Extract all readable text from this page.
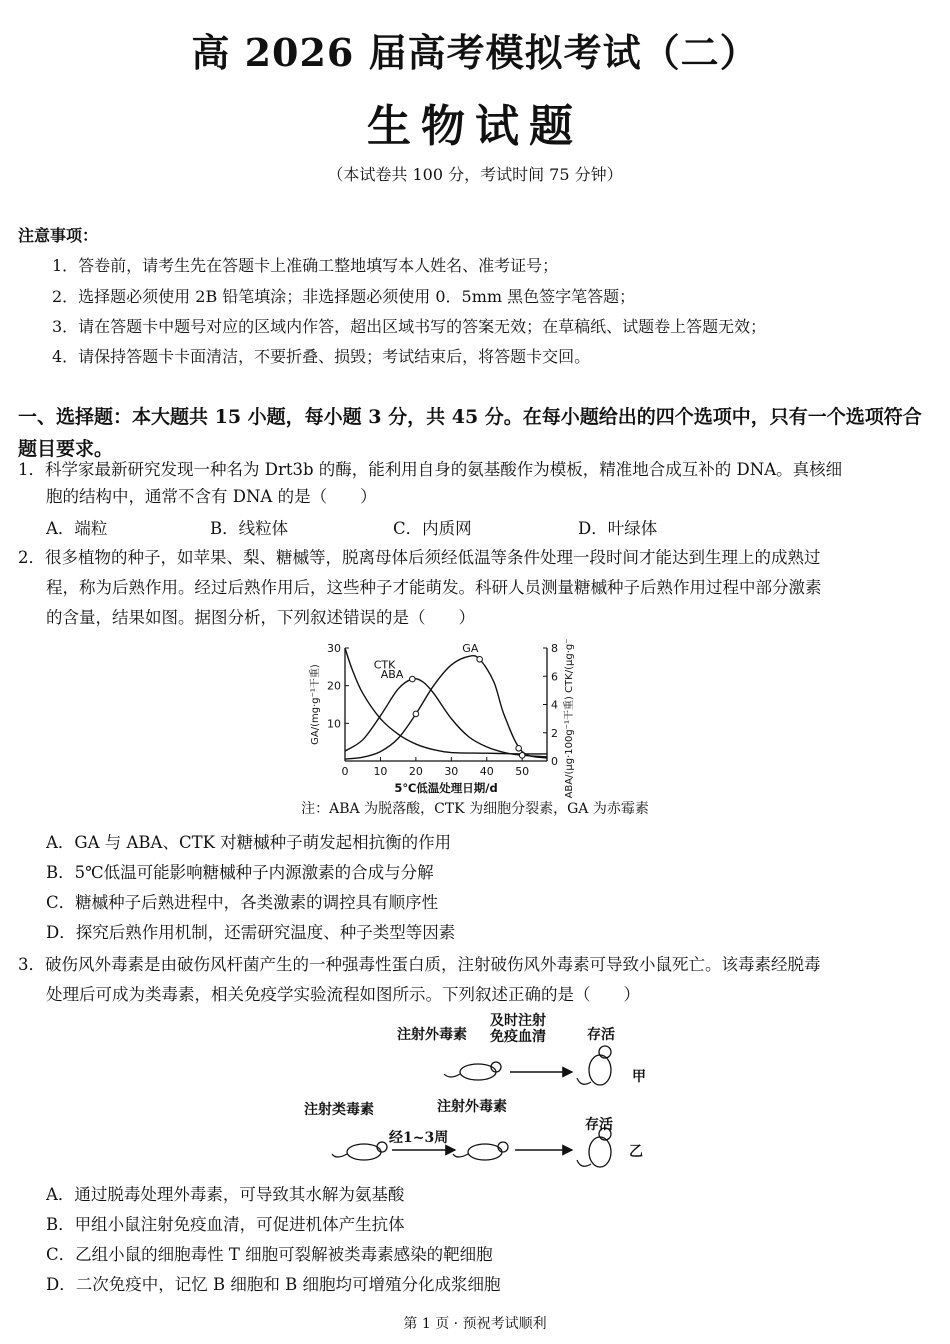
高 2026 届高考模拟考试（二）
生物试题
（本试卷共 100 分，考试时间 75 分钟）
注意事项：
1．答卷前，请考生先在答题卡上准确工整地填写本人姓名、准考证号；
2．选择题必须使用 2B 铅笔填涂；非选择题必须使用 0．5mm 黑色签字笔答题；
3．请在答题卡中题号对应的区域内作答，超出区域书写的答案无效；在草稿纸、试题卷上答题无效；
4．请保持答题卡卡面清洁，不要折叠、损毁；考试结束后，将答题卡交回。
一、选择题：本大题共 15 小题，每小题 3 分，共 45 分。在每小题给出的四个选项中，只有一个选项符合题目要求。
1．科学家最新研究发现一种名为 Drt3b 的酶，能利用自身的氨基酸作为模板，精准地合成互补的 DNA。真核细
胞的结构中，通常不含有 DNA 的是（　　）
A．端粒	B．线粒体	C．内质网	D．叶绿体
2．很多植物的种子，如苹果、梨、糖槭等，脱离母体后须经低温等条件处理一段时间才能达到生理上的成熟过
程，称为后熟作用。经过后熟作用后，这些种子才能萌发。科研人员测量糖槭种子后熟作用过程中部分激素
的含量，结果如图。据图分析，下列叙述错误的是（　　）
0 10 20 30 40 50
10
20
30
0
2
4
6
8
5℃低温处理日期/d
GA/(mg·g⁻¹干重)	ABA/(μg·100g⁻¹干重) CTK/(μg·g⁻¹干重)
ABA
CTK
GA
注：ABA 为脱落酸，CTK 为细胞分裂素，GA 为赤霉素
A．GA 与 ABA、CTK 对糖槭种子萌发起相抗衡的作用
B．5℃低温可能影响糖槭种子内源激素的合成与分解
C．糖槭种子后熟进程中，各类激素的调控具有顺序性
D．探究后熟作用机制，还需研究温度、种子类型等因素
3．破伤风外毒素是由破伤风杆菌产生的一种强毒性蛋白质，注射破伤风外毒素可导致小鼠死亡。该毒素经脱毒
处理后可成为类毒素，相关免疫学实验流程如图所示。下列叙述正确的是（　　）
注射外毒素
及时注射
免疫血清	存活
甲
注射类毒素
经1~3周
注射外毒素
存活
乙
A．通过脱毒处理外毒素，可导致其水解为氨基酸
B．甲组小鼠注射免疫血清，可促进机体产生抗体
C．乙组小鼠的细胞毒性 T 细胞可裂解被类毒素感染的靶细胞
D．二次免疫中，记忆 B 细胞和 B 细胞均可增殖分化成浆细胞
第 1 页 · 预祝考试顺利
